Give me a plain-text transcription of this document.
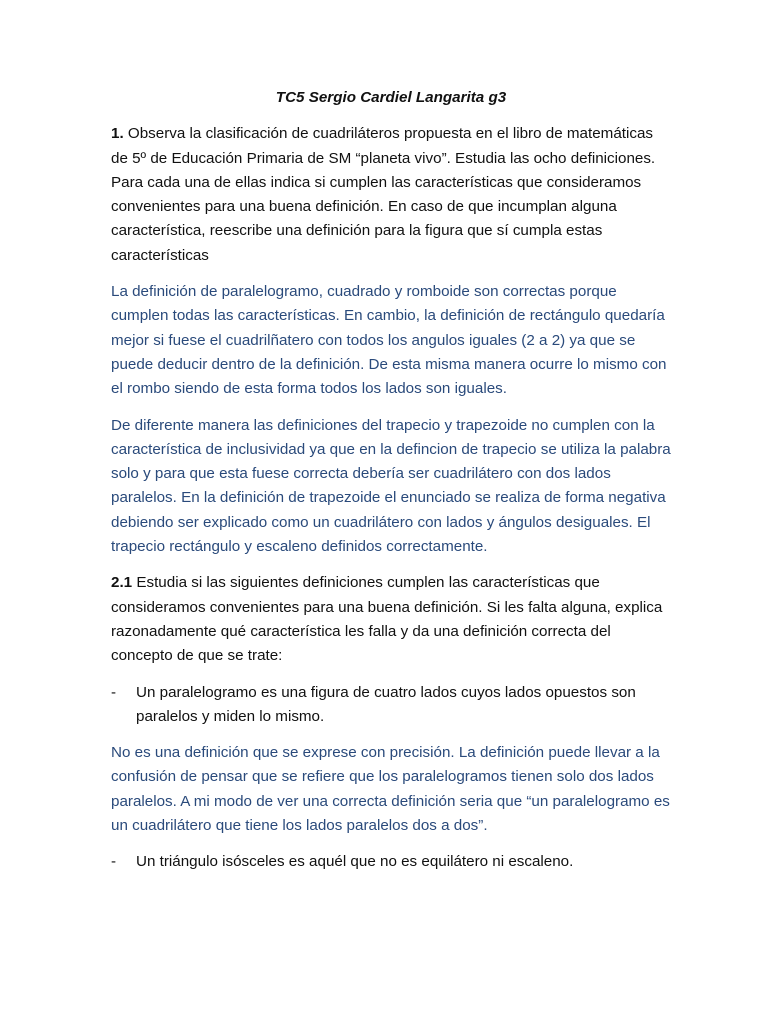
TC5 Sergio Cardiel Langarita g3

1. Observa la clasificación de cuadriláteros propuesta en el libro de matemáticas de 5º de Educación Primaria de SM “planeta vivo”. Estudia las ocho definiciones. Para cada una de ellas indica si cumplen las características que consideramos convenientes para una buena definición. En caso de que incumplan alguna característica, reescribe una definición para la figura que sí cumpla estas características

La definición de paralelogramo, cuadrado y romboide son correctas porque cumplen todas las características. En cambio, la definición de rectángulo quedaría mejor si fuese el cuadrilñatero con todos los angulos iguales (2 a 2) ya que se puede deducir dentro de la definición. De esta misma manera ocurre lo mismo con el rombo siendo de esta forma todos los lados son iguales.

De diferente manera las definiciones del trapecio y trapezoide no cumplen con la característica de inclusividad ya que en la defincion de trapecio se utiliza la palabra solo y para que esta fuese correcta debería ser cuadrilátero con dos lados paralelos. En la definición de trapezoide el enunciado se realiza de forma negativa debiendo ser explicado como un cuadrilátero con lados y ángulos desiguales. El trapecio rectángulo y escaleno definidos correctamente.

2.1 Estudia si las siguientes definiciones cumplen las características que consideramos convenientes para una buena definición. Si les falta alguna, explica razonadamente qué característica les falla y da una definición correcta del concepto de que se trate:

-	Un paralelogramo es una figura de cuatro lados cuyos lados opuestos son paralelos y miden lo mismo.

No es una definición que se exprese con precisión. La definición puede llevar a la confusión de pensar que se refiere que los paralelogramos tienen solo dos lados paralelos. A mi modo de ver una correcta definición seria que “un paralelogramo es un cuadrilátero que tiene los lados paralelos dos a dos”.

-	Un triángulo isósceles es aquél que no es equilátero ni escaleno.
